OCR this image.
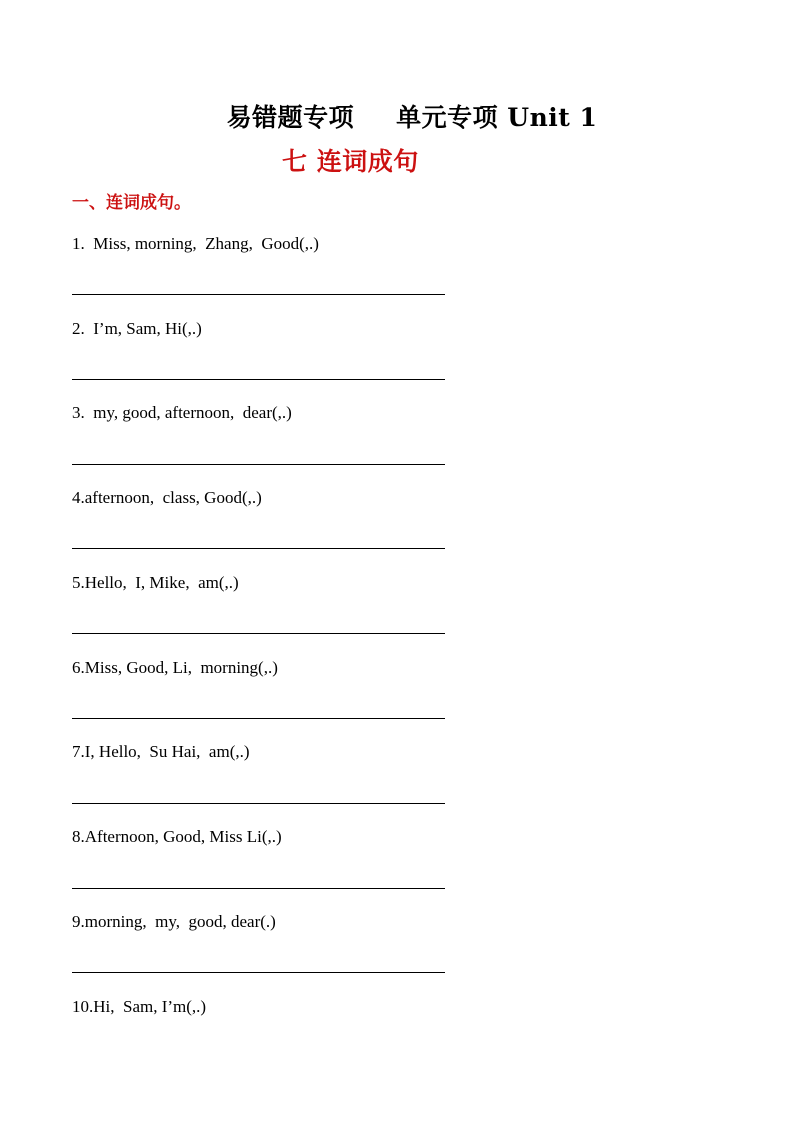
易错题专项 单元专项 Unit 1
七 连词成句
一、连词成句。
1.  Miss, morning,  Zhang,  Good(,.)
2.  I’m, Sam, Hi(,.)
3.  my, good, afternoon,  dear(,.)
4.afternoon,  class, Good(,.)
5.Hello,  I, Mike,  am(,.)
6.Miss, Good, Li,  morning(,.)
7.I, Hello,  Su Hai,  am(,.)
8.Afternoon, Good, Miss Li(,.)
9.morning,  my,  good, dear(.)
10.Hi,  Sam, I’m(,.)
